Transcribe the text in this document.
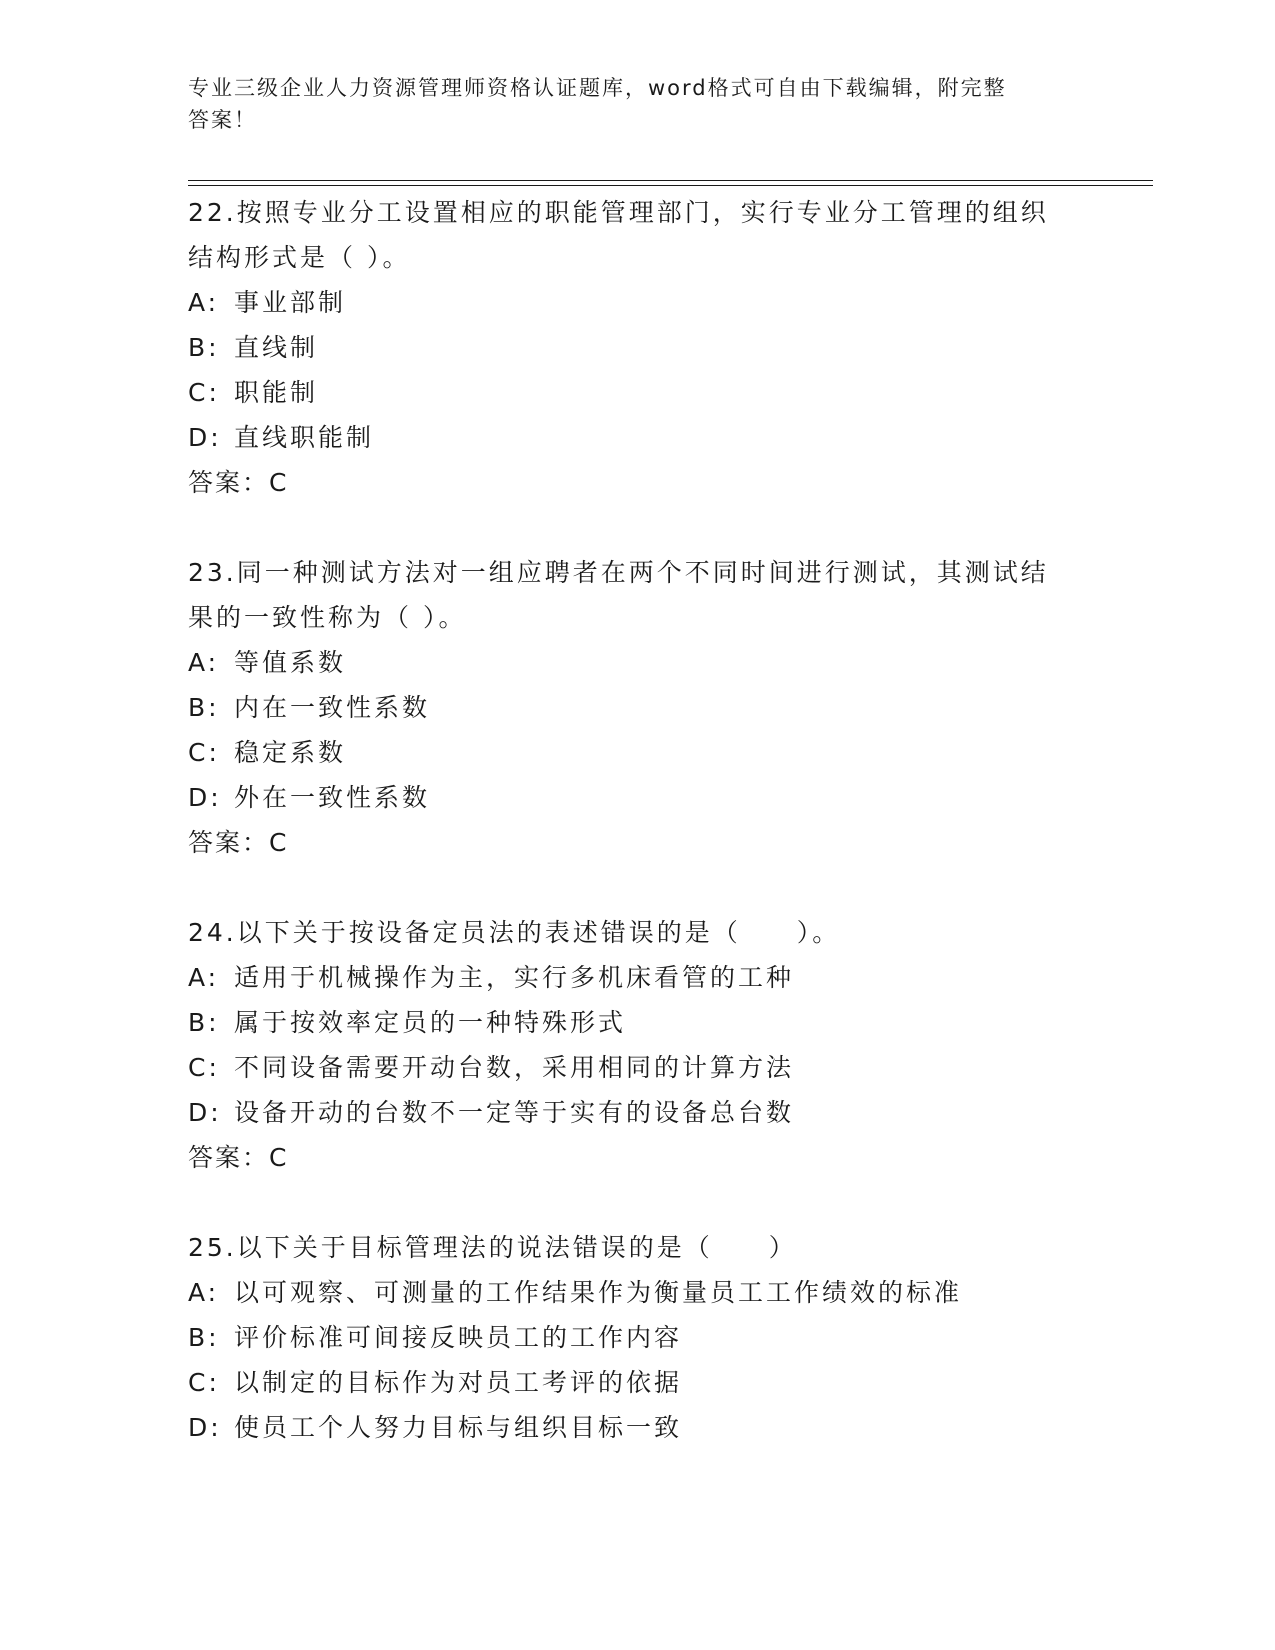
专业三级企业人力资源管理师资格认证题库，word格式可自由下载编辑，附完整
答案！
22.按照专业分工设置相应的职能管理部门，实行专业分工管理的组织
结构形式是（ ）。
A: 事业部制
B: 直线制
C: 职能制
D: 直线职能制
答案：C
23.同一种测试方法对一组应聘者在两个不同时间进行测试，其测试结
果的一致性称为（ ）。
A: 等值系数
B: 内在一致性系数
C: 稳定系数
D: 外在一致性系数
答案：C
24.以下关于按设备定员法的表述错误的是（　　）。
A: 适用于机械操作为主，实行多机床看管的工种
B: 属于按效率定员的一种特殊形式
C: 不同设备需要开动台数，采用相同的计算方法
D: 设备开动的台数不一定等于实有的设备总台数
答案：C
25.以下关于目标管理法的说法错误的是（　　）
A: 以可观察、可测量的工作结果作为衡量员工工作绩效的标准
B: 评价标准可间接反映员工的工作内容
C: 以制定的目标作为对员工考评的依据
D: 使员工个人努力目标与组织目标一致
